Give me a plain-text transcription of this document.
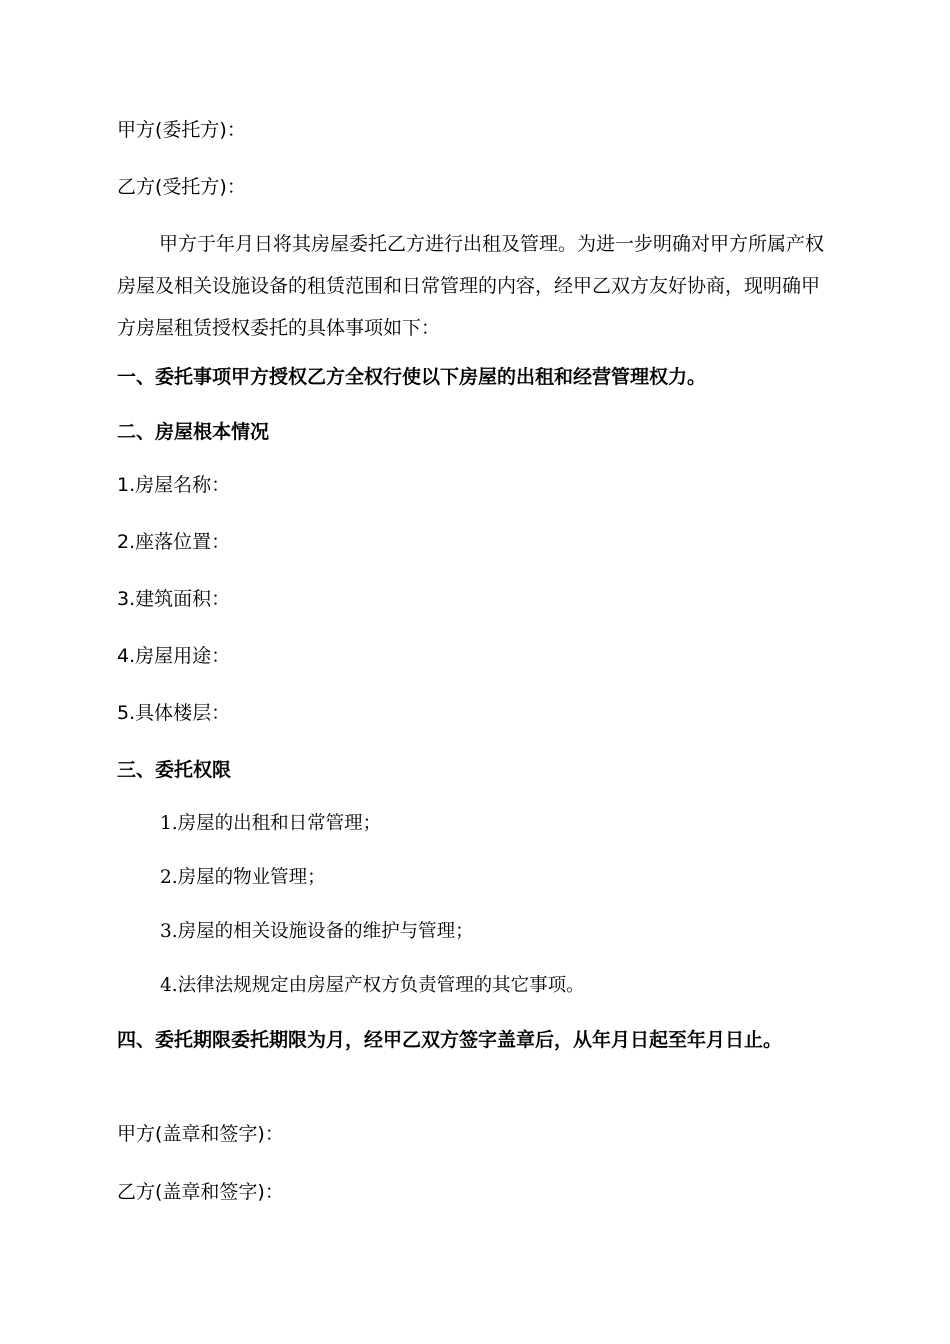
甲方(委托方)：
乙方(受托方)：
甲方于年月日将其房屋委托乙方进行出租及管理。为进一步明确对甲方所属产权房屋及相关设施设备的租赁范围和日常管理的内容，经甲乙双方友好协商，现明确甲方房屋租赁授权委托的具体事项如下：
一、委托事项甲方授权乙方全权行使以下房屋的出租和经营管理权力。
二、房屋根本情况
1.房屋名称：
2.座落位置：
3.建筑面积：
4.房屋用途：
5.具体楼层：
三、委托权限
1.房屋的出租和日常管理；
2.房屋的物业管理；
3.房屋的相关设施设备的维护与管理；
4.法律法规规定由房屋产权方负责管理的其它事项。
四、委托期限委托期限为月，经甲乙双方签字盖章后，从年月日起至年月日止。
甲方(盖章和签字)：
乙方(盖章和签字)：
